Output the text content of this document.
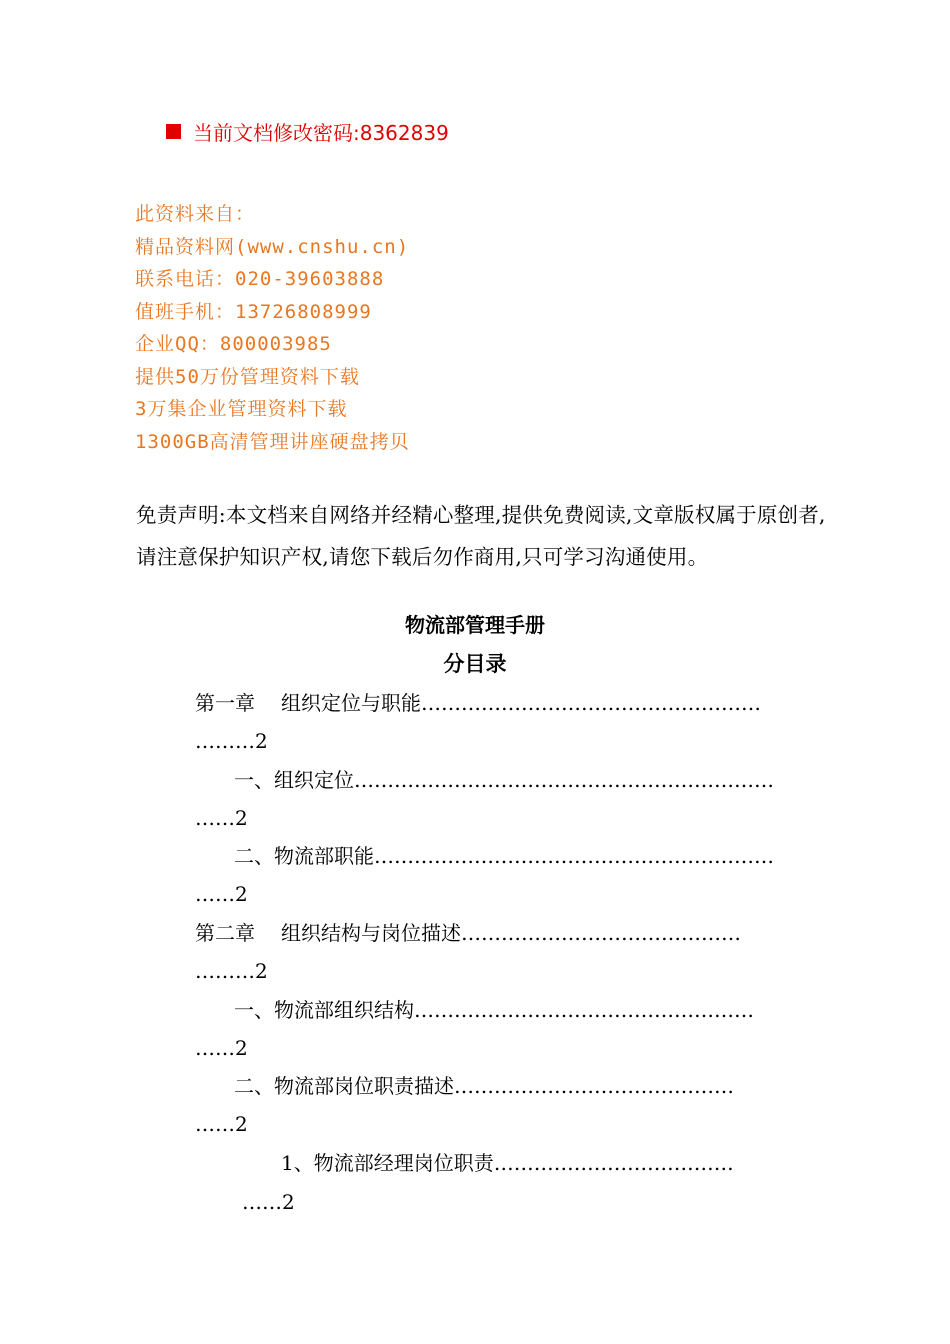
当前文档修改密码:8362839
此资料来自：
精品资料网(www.cnshu.cn)
联系电话：020-39603888
值班手机：13726808999
企业QQ：800003985
提供50万份管理资料下载
3万集企业管理资料下载
1300GB高清管理讲座硬盘拷贝
免责声明:本文档来自网络并经精心整理,提供免费阅读,文章版权属于原创者,请注意保护知识产权,请您下载后勿作商用,只可学习沟通使用。
物流部管理手册
分目录
第一章 组织定位与职能……………………………………………
………2
一、组织定位………………………………………………………
……2
二、物流部职能……………………………………………………
……2
第二章 组织结构与岗位描述……………………………………
………2
一、物流部组织结构……………………………………………
……2
二、物流部岗位职责描述……………………………………
……2
1、物流部经理岗位职责………………………………
……2
